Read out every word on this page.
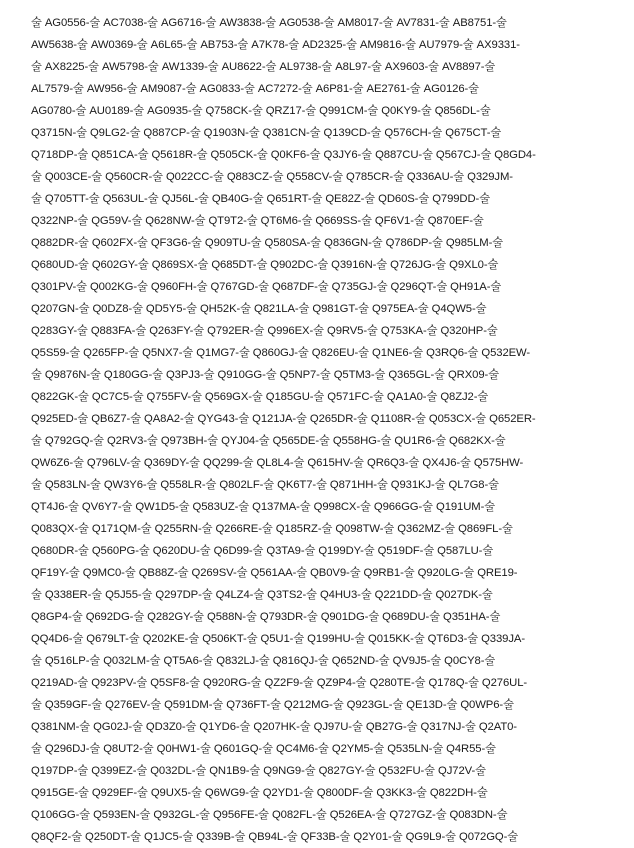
술 AG0556-술 AC7038-술 AG6716-술 AW3838-술 AG0538-술 AM8017-술 AV7831-술 AB8751-술
AW5638-술 AW0369-술 A6L65-술 AB753-술 A7K78-술 AD2325-술 AM9816-술 AU7979-술 AX9331-
술 AX8225-술 AW5798-술 AW1339-술 AU8622-술 AL9738-술 A8L97-술 AX9603-술 AV8897-술
AL7579-술 AW956-술 AM9087-술 AG0833-술 AC7272-술 A6P81-술 AE2761-술 AG0126-술
AG0780-술 AU0189-술 AG0935-술 Q758CK-술 QRZ17-술 Q991CM-술 Q0KY9-술 Q856DL-술
Q3715N-술 Q9LG2-술 Q887CP-술 Q1903N-술 Q381CN-술 Q139CD-술 Q576CH-술 Q675CT-술
Q718DP-술 Q851CA-술 Q5618R-술 Q505CK-술 Q0KF6-술 Q3JY6-술 Q887CU-술 Q567CJ-술 Q8GD4-
술 Q003CE-술 Q560CR-술 Q022CC-술 Q883CZ-술 Q558CV-술 Q785CR-술 Q336AU-술 Q329JM-
술 Q705TT-술 Q563UL-술 QJ56L-술 QB40G-술 Q651RT-술 QE82Z-술 QD60S-술 Q799DD-술
Q322NP-술 QG59V-술 Q628NW-술 QT9T2-술 QT6M6-술 Q669SS-술 QF6V1-술 Q870EF-술
Q882DR-술 Q602FX-술 QF3G6-술 Q909TU-술 Q580SA-술 Q836GN-술 Q786DP-술 Q985LM-술
Q680UD-술 Q602GY-술 Q869SX-술 Q685DT-술 Q902DC-술 Q3916N-술 Q726JG-술 Q9XL0-술
Q301PV-술 Q002KG-술 Q960FH-술 Q767GD-술 Q687DF-술 Q735GJ-술 Q296QT-술 QH91A-술
Q207GN-술 Q0DZ8-술 QD5Y5-술 QH52K-술 Q821LA-술 Q981GT-술 Q975EA-술 Q4QW5-술
Q283GY-술 Q883FA-술 Q263FY-술 Q792ER-술 Q996EX-술 Q9RV5-술 Q753KA-술 Q320HP-술
Q5S59-술 Q265FP-술 Q5NX7-술 Q1MG7-술 Q860GJ-술 Q826EU-술 Q1NE6-술 Q3RQ6-술 Q532EW-
술 Q9876N-술 Q180GG-술 Q3PJ3-술 Q910GG-술 Q5NP7-술 Q5TM3-술 Q365GL-술 QRX09-술
Q822GK-술 QC7C5-술 Q755FV-술 Q569GX-술 Q185GU-술 Q571FC-술 QA1A0-술 Q8ZJ2-술
Q925ED-술 QB6Z7-술 QA8A2-술 QYG43-술 Q121JA-술 Q265DR-술 Q1108R-술 Q053CX-술 Q652ER-
술 Q792GQ-술 Q2RV3-술 Q973BH-술 QYJ04-술 Q565DE-술 Q558HG-술 QU1R6-술 Q682KX-술
QW6Z6-술 Q796LV-술 Q369DY-술 QQ299-술 QL8L4-술 Q615HV-술 QR6Q3-술 QX4J6-술 Q575HW-
술 Q583LN-술 QW3Y6-술 Q558LR-술 Q802LF-술 QK6T7-술 Q871HH-술 Q931KJ-술 QL7G8-술
QT4J6-술 QV6Y7-술 QW1D5-술 Q583UZ-술 Q137MA-술 Q998CX-술 Q966GG-술 Q191UM-술
Q083QX-술 Q171QM-술 Q255RN-술 Q266RE-술 Q185RZ-술 Q098TW-술 Q362MZ-술 Q869FL-술
Q680DR-술 Q560PG-술 Q620DU-술 Q6D99-술 Q3TA9-술 Q199DY-술 Q519DF-술 Q587LU-술
QF19Y-술 Q9MC0-술 QB88Z-술 Q269SV-술 Q561AA-술 QB0V9-술 Q9RB1-술 Q920LG-술 QRE19-
술 Q338ER-술 Q5J55-술 Q297DP-술 Q4LZ4-술 Q3TS2-술 Q4HU3-술 Q221DD-술 Q027DK-술
Q8GP4-술 Q692DG-술 Q282GY-술 Q588N-술 Q793DR-술 Q901DG-술 Q689DU-술 Q351HA-술
QQ4D6-술 Q679LT-술 Q202KE-술 Q506KT-술 Q5U1-술 Q199HU-술 Q015KK-술 QT6D3-술 Q339JA-
술 Q516LP-술 Q032LM-술 QT5A6-술 Q832LJ-술 Q816QJ-술 Q652ND-술 QV9J5-술 Q0CY8-술
Q219AD-술 Q923PV-술 Q5SF8-술 Q920RG-술 QZ2F9-술 QZ9P4-술 Q280TE-술 Q178Q-술 Q276UL-
술 Q359GF-술 Q276EV-술 Q591DM-술 Q736FT-술 Q212MG-술 Q923GL-술 QE13D-술 Q0WP6-술
Q381NM-술 QG02J-술 QD3Z0-술 Q1YD6-술 Q207HK-술 QJ97U-술 QB27G-술 Q317NJ-술 Q2AT0-
술 Q296DJ-술 Q8UT2-술 Q0HW1-술 Q601GQ-술 QC4M6-술 Q2YM5-술 Q535LN-술 Q4R55-술
Q197DP-술 Q399EZ-술 Q032DL-술 QN1B9-술 Q9NG9-술 Q827GY-술 Q532FU-술 QJ72V-술
Q915GE-술 Q929EF-술 Q9UX5-술 Q6WG9-술 Q2YD1-술 Q800DF-술 Q3KK3-술 Q822DH-술
Q106GG-술 Q593EN-술 Q932GL-술 Q956FE-술 Q082FL-술 Q526EA-술 Q727GZ-술 Q083DN-술
Q8QF2-술 Q250DT-술 Q1JC5-술 Q339B-술 QB94L-술 QF33B-술 Q2Y01-술 QG9L9-술 Q072GQ-술
